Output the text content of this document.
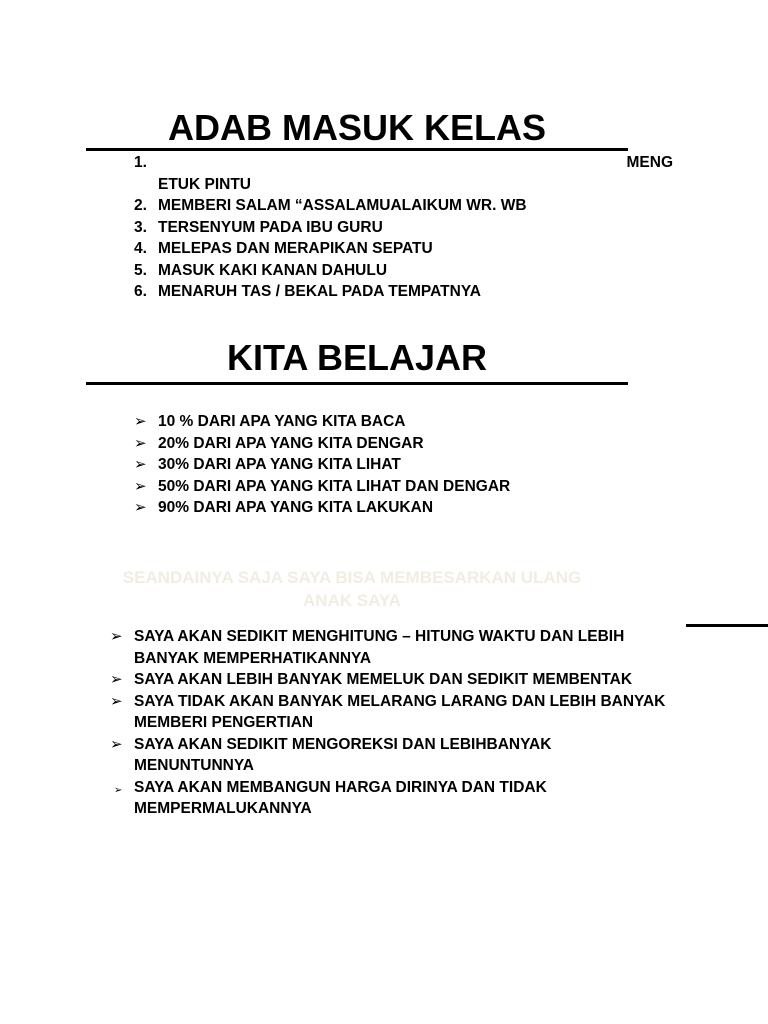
ADAB MASUK KELAS
1.	MENG
ETUK PINTU
2. MEMBERI SALAM “ASSALAMUALAIKUM WR. WB
3. TERSENYUM PADA IBU GURU
4. MELEPAS DAN MERAPIKAN SEPATU
5. MASUK KAKI KANAN DAHULU
6. MENARUH TAS / BEKAL PADA TEMPATNYA
KITA BELAJAR
➢ 10 % DARI APA YANG KITA BACA
➢ 20% DARI APA YANG KITA DENGAR
➢ 30% DARI APA YANG KITA LIHAT
➢ 50% DARI APA YANG KITA LIHAT DAN DENGAR
➢ 90% DARI APA YANG KITA LAKUKAN
SEANDAINYA SAJA SAYA BISA MEMBESARKAN ULANG
ANAK SAYA
➢ SAYA AKAN SEDIKIT MENGHITUNG – HITUNG WAKTU DAN LEBIH BANYAK MEMPERHATIKANNYA
➢ SAYA AKAN LEBIH BANYAK MEMELUK DAN SEDIKIT MEMBENTAK
➢ SAYA TIDAK AKAN BANYAK MELARANG LARANG DAN LEBIH BANYAK MEMBERI PENGERTIAN
➢ SAYA AKAN SEDIKIT MENGOREKSI DAN LEBIHBANYAK MENUNTUNNYA
➢ SAYA AKAN MEMBANGUN HARGA DIRINYA DAN TIDAK MEMPERMALUKANNYA
